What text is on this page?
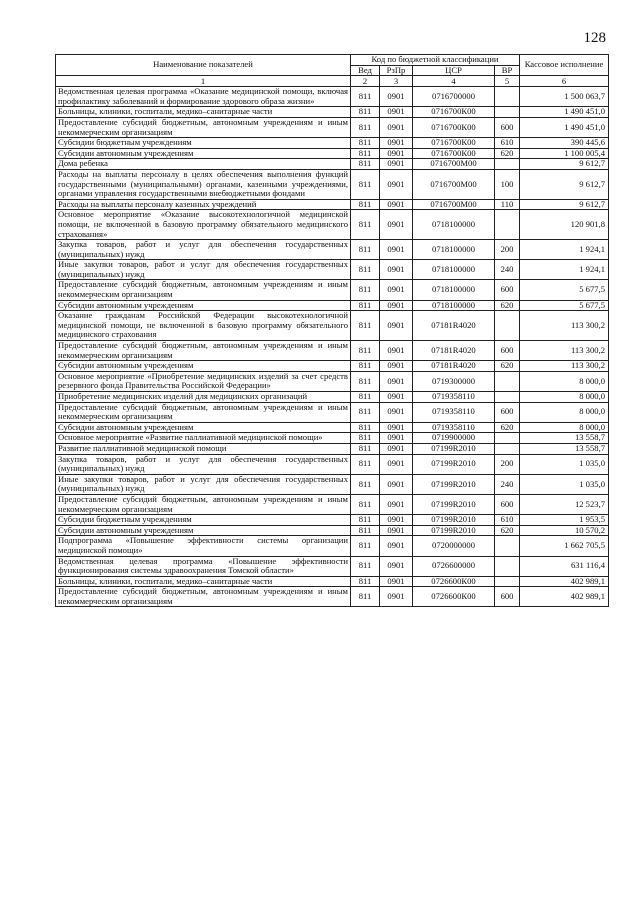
128
Наименование показателей	Код по бюджетной классификации				Кассовое исполнение
	Вед	РзПр	ЦСР	ВР	
1	2	3	4	5	6
Ведомственная целевая программа «Оказание медицинской помощи, включая профилактику заболеваний и формирование здорового образа жизни»	811	0901	0716700000		1 500 063,7
Больницы, клиники, госпитали, медико–санитарные части	811	0901	0716700К00		1 490 451,0
Предоставление субсидий бюджетным, автономным учреждениям и иным некоммерческим организациям	811	0901	0716700К00	600	1 490 451,0
Субсидии бюджетным учреждениям	811	0901	0716700К00	610	390 445,6
Субсидии автономным учреждениям	811	0901	0716700К00	620	1 100 005,4
Дома ребенка	811	0901	0716700М00		9 612,7
Расходы на выплаты персоналу в целях обеспечения выполнения функций государственными (муниципальными) органами, казенными учреждениями, органами управления государственными внебюджетными фондами	811	0901	0716700М00	100	9 612,7
Расходы на выплаты персоналу казенных учреждений	811	0901	0716700М00	110	9 612,7
Основное мероприятие «Оказание высокотехнологичной медицинской помощи, не включенной в базовую программу обязательного медицинского страхования»	811	0901	0718100000		120 901,8
Закупка товаров, работ и услуг для обеспечения государственных (муниципальных) нужд	811	0901	0718100000	200	1 924,1
Иные закупки товаров, работ и услуг для обеспечения государственных (муниципальных) нужд	811	0901	0718100000	240	1 924,1
Предоставление субсидий бюджетным, автономным учреждениям и иным некоммерческим организациям	811	0901	0718100000	600	5 677,5
Субсидии автономным учреждениям	811	0901	0718100000	620	5 677,5
Оказание гражданам Российской Федерации высокотехнологичной медицинской помощи, не включенной в базовую программу обязательного медицинского страхования	811	0901	07181R4020		113 300,2
Предоставление субсидий бюджетным, автономным учреждениям и иным некоммерческим организациям	811	0901	07181R4020	600	113 300,2
Субсидии автономным учреждениям	811	0901	07181R4020	620	113 300,2
Основное мероприятие «Приобретение медицинских изделий за счет средств резервного фонда Правительства Российской Федерации»	811	0901	0719300000		8 000,0
Приобретение медицинских изделий для медицинских организаций	811	0901	0719358110		8 000,0
Предоставление субсидий бюджетным, автономным учреждениям и иным некоммерческим организациям	811	0901	0719358110	600	8 000,0
Субсидии автономным учреждениям	811	0901	0719358110	620	8 000,0
Основное мероприятие «Развитие паллиативной медицинской помощи»	811	0901	0719900000		13 558,7
Развитие паллиативной медицинской помощи	811	0901	07199R2010		13 558,7
Закупка товаров, работ и услуг для обеспечения государственных (муниципальных) нужд	811	0901	07199R2010	200	1 035,0
Иные закупки товаров, работ и услуг для обеспечения государственных (муниципальных) нужд	811	0901	07199R2010	240	1 035,0
Предоставление субсидий бюджетным, автономным учреждениям и иным некоммерческим организациям	811	0901	07199R2010	600	12 523,7
Субсидии бюджетным учреждениям	811	0901	07199R2010	610	1 953,5
Субсидии автономным учреждениям	811	0901	07199R2010	620	10 570,2
Подпрограмма «Повышение эффективности системы организации медицинской помощи»	811	0901	0720000000		1 662 705,5
Ведомственная целевая программа «Повышение эффективности функционирования системы здравоохранения Томской области»	811	0901	0726600000		631 116,4
Больницы, клиники, госпитали, медико–санитарные части	811	0901	0726600К00		402 989,1
Предоставление субсидий бюджетным, автономным учреждениям и иным некоммерческим организациям	811	0901	0726600К00	600	402 989,1
